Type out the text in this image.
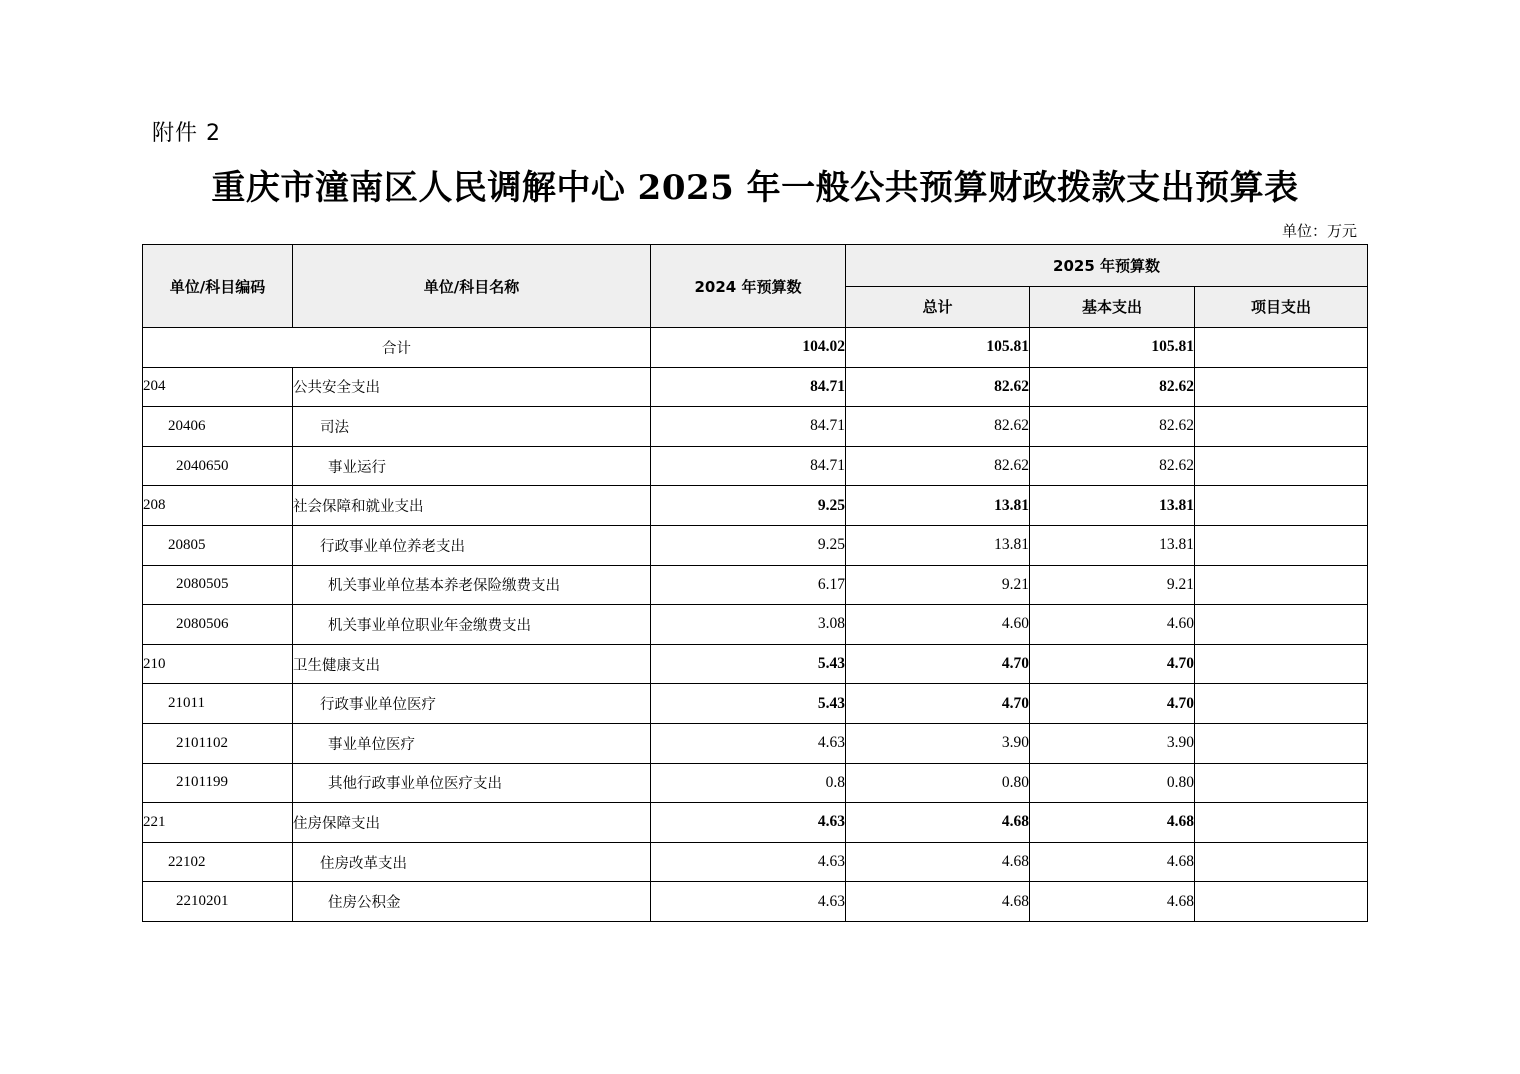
附件 2
重庆市潼南区人民调解中心 2025 年一般公共预算财政拨款支出预算表
单位：万元
单位/科目编码	单位/科目名称	2024 年预算数	2025 年预算数		
			总计	基本支出	项目支出
合计		104.02	105.81	105.81	
204	公共安全支出	84.71	82.62	82.62	
20406	司法	84.71	82.62	82.62	
2040650	事业运行	84.71	82.62	82.62	
208	社会保障和就业支出	9.25	13.81	13.81	
20805	行政事业单位养老支出	9.25	13.81	13.81	
2080505	机关事业单位基本养老保险缴费支出	6.17	9.21	9.21	
2080506	机关事业单位职业年金缴费支出	3.08	4.60	4.60	
210	卫生健康支出	5.43	4.70	4.70	
21011	行政事业单位医疗	5.43	4.70	4.70	
2101102	事业单位医疗	4.63	3.90	3.90	
2101199	其他行政事业单位医疗支出	0.8	0.80	0.80	
221	住房保障支出	4.63	4.68	4.68	
22102	住房改革支出	4.63	4.68	4.68	
2210201	住房公积金	4.63	4.68	4.68	
